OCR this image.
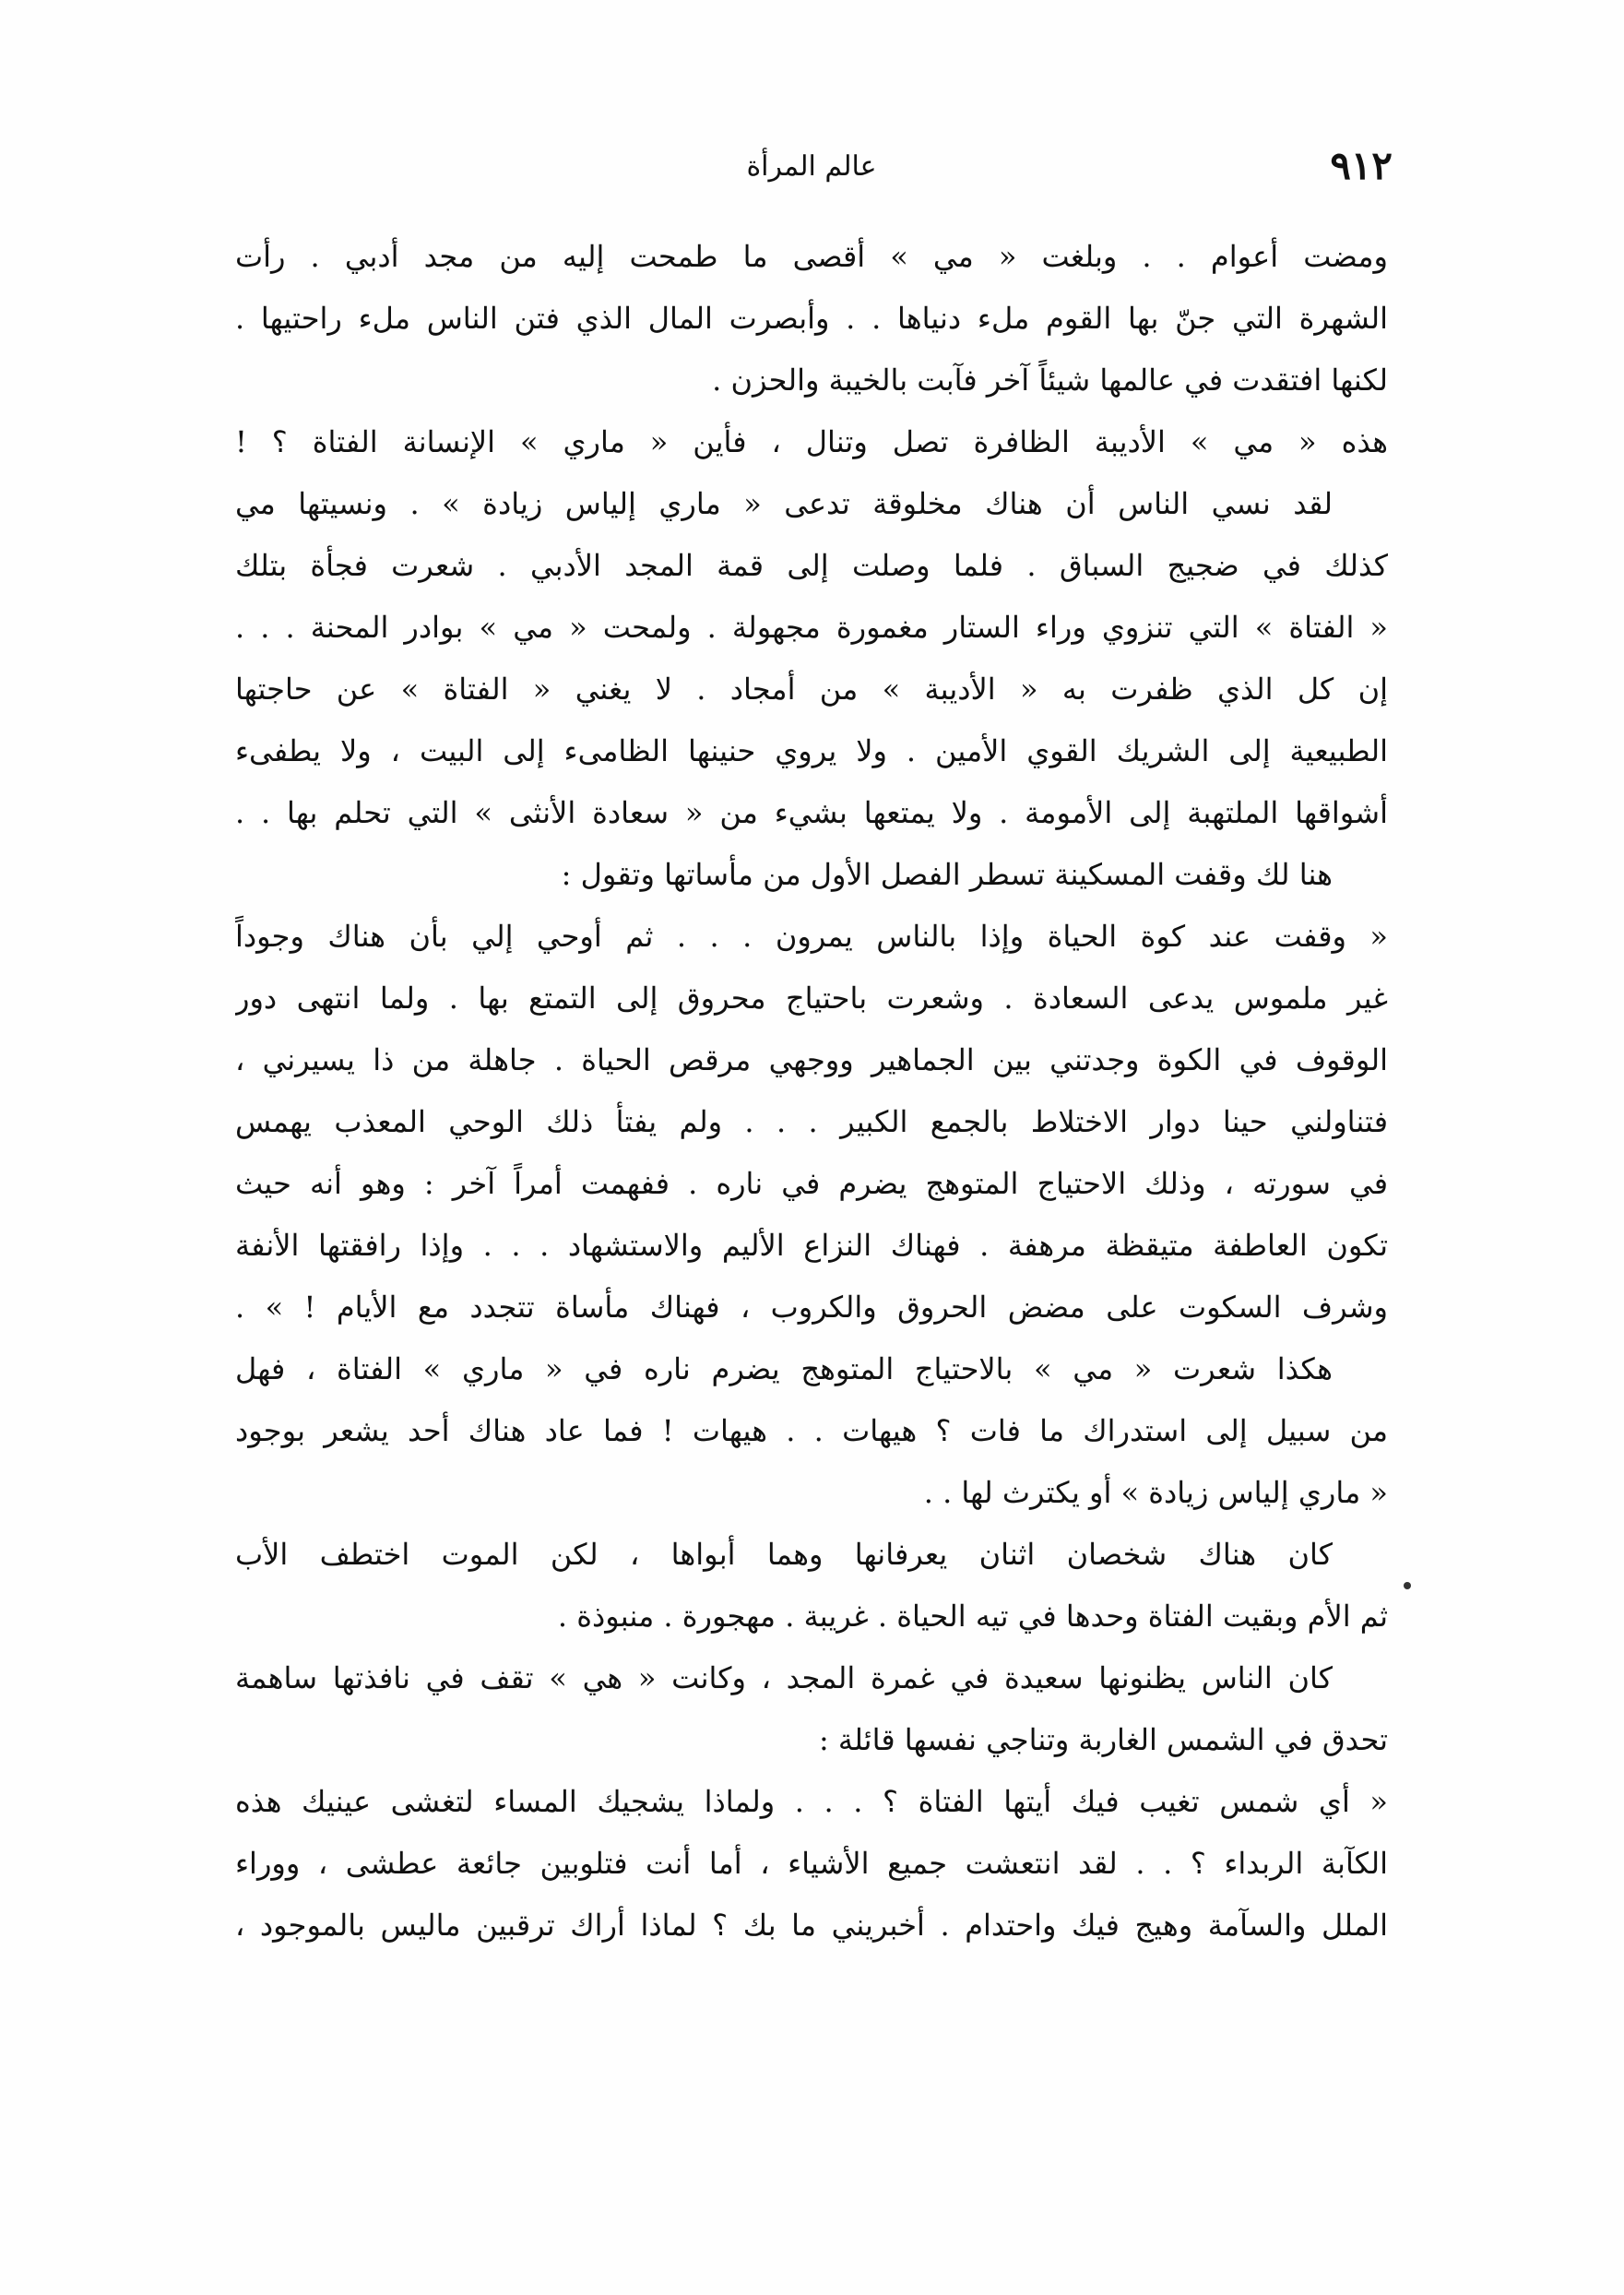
٩١٢
عالم المرأة
ومضت أعوام . . وبلغت « مي » أقصى ما طمحت إليه من مجد أدبي . رأت
الشهرة التي جنّ بها القوم ملء دنياها . . وأبصرت المال الذي فتن الناس ملء راحتيها .
لكنها افتقدت في عالمها شيئاً آخر فآبت بالخيبة والحزن .
هذه « مي » الأديبة الظافرة تصل وتنال ، فأين « ماري » الإنسانة الفتاة ؟ !
لقد نسي الناس أن هناك مخلوقة تدعى « ماري إلياس زيادة » . ونسيتها مي
كذلك في ضجيج السباق . فلما وصلت إلى قمة المجد الأدبي . شعرت فجأة بتلك
« الفتاة » التي تنزوي وراء الستار مغمورة مجهولة . ولمحت « مي » بوادر المحنة . . .
إن كل الذي ظفرت به « الأديبة » من أمجاد . لا يغني « الفتاة » عن حاجتها
الطبيعية إلى الشريك القوي الأمين . ولا يروي حنينها الظامىء إلى البيت ، ولا يطفىء
أشواقها الملتهبة إلى الأمومة . ولا يمتعها بشيء من « سعادة الأنثى » التي تحلم بها . .
هنا لك وقفت المسكينة تسطر الفصل الأول من مأساتها وتقول :
« وقفت عند كوة الحياة وإذا بالناس يمرون . . . ثم أوحي إلي بأن هناك وجوداً
غير ملموس يدعى السعادة . وشعرت باحتياج محروق إلى التمتع بها . ولما انتهى دور
الوقوف في الكوة وجدتني بين الجماهير ووجهي مرقص الحياة . جاهلة من ذا يسيرني ،
فتناولني حينا دوار الاختلاط بالجمع الكبير . . . ولم يفتأ ذلك الوحي المعذب يهمس
في سورته ، وذلك الاحتياج المتوهج يضرم في ناره . ففهمت أمراً آخر : وهو أنه حيث
تكون العاطفة متيقظة مرهفة . فهناك النزاع الأليم والاستشهاد . . . وإذا رافقتها الأنفة
وشرف السكوت على مضض الحروق والكروب ، فهناك مأساة تتجدد مع الأيام ! » .
هكذا شعرت « مي » بالاحتياج المتوهج يضرم ناره في « ماري » الفتاة ، فهل
من سبيل إلى استدراك ما فات ؟ هيهات . . هيهات ! فما عاد هناك أحد يشعر بوجود
« ماري إلياس زيادة » أو يكترث لها . .
كان هناك شخصان اثنان يعرفانها وهما أبواها ، لكن الموت اختطف الأب
ثم الأم وبقيت الفتاة وحدها في تيه الحياة . غريبة . مهجورة . منبوذة .
كان الناس يظنونها سعيدة في غمرة المجد ، وكانت « هي » تقف في نافذتها ساهمة
تحدق في الشمس الغاربة وتناجي نفسها قائلة :
« أي شمس تغيب فيك أيتها الفتاة ؟ . . . ولماذا يشجيك المساء لتغشى عينيك هذه
الكآبة الربداء ؟ . . لقد انتعشت جميع الأشياء ، أما أنت فتلوبين جائعة عطشى ، ووراء
الملل والسآمة وهيج فيك واحتدام . أخبريني ما بك ؟ لماذا أراك ترقبين ماليس بالموجود ،
